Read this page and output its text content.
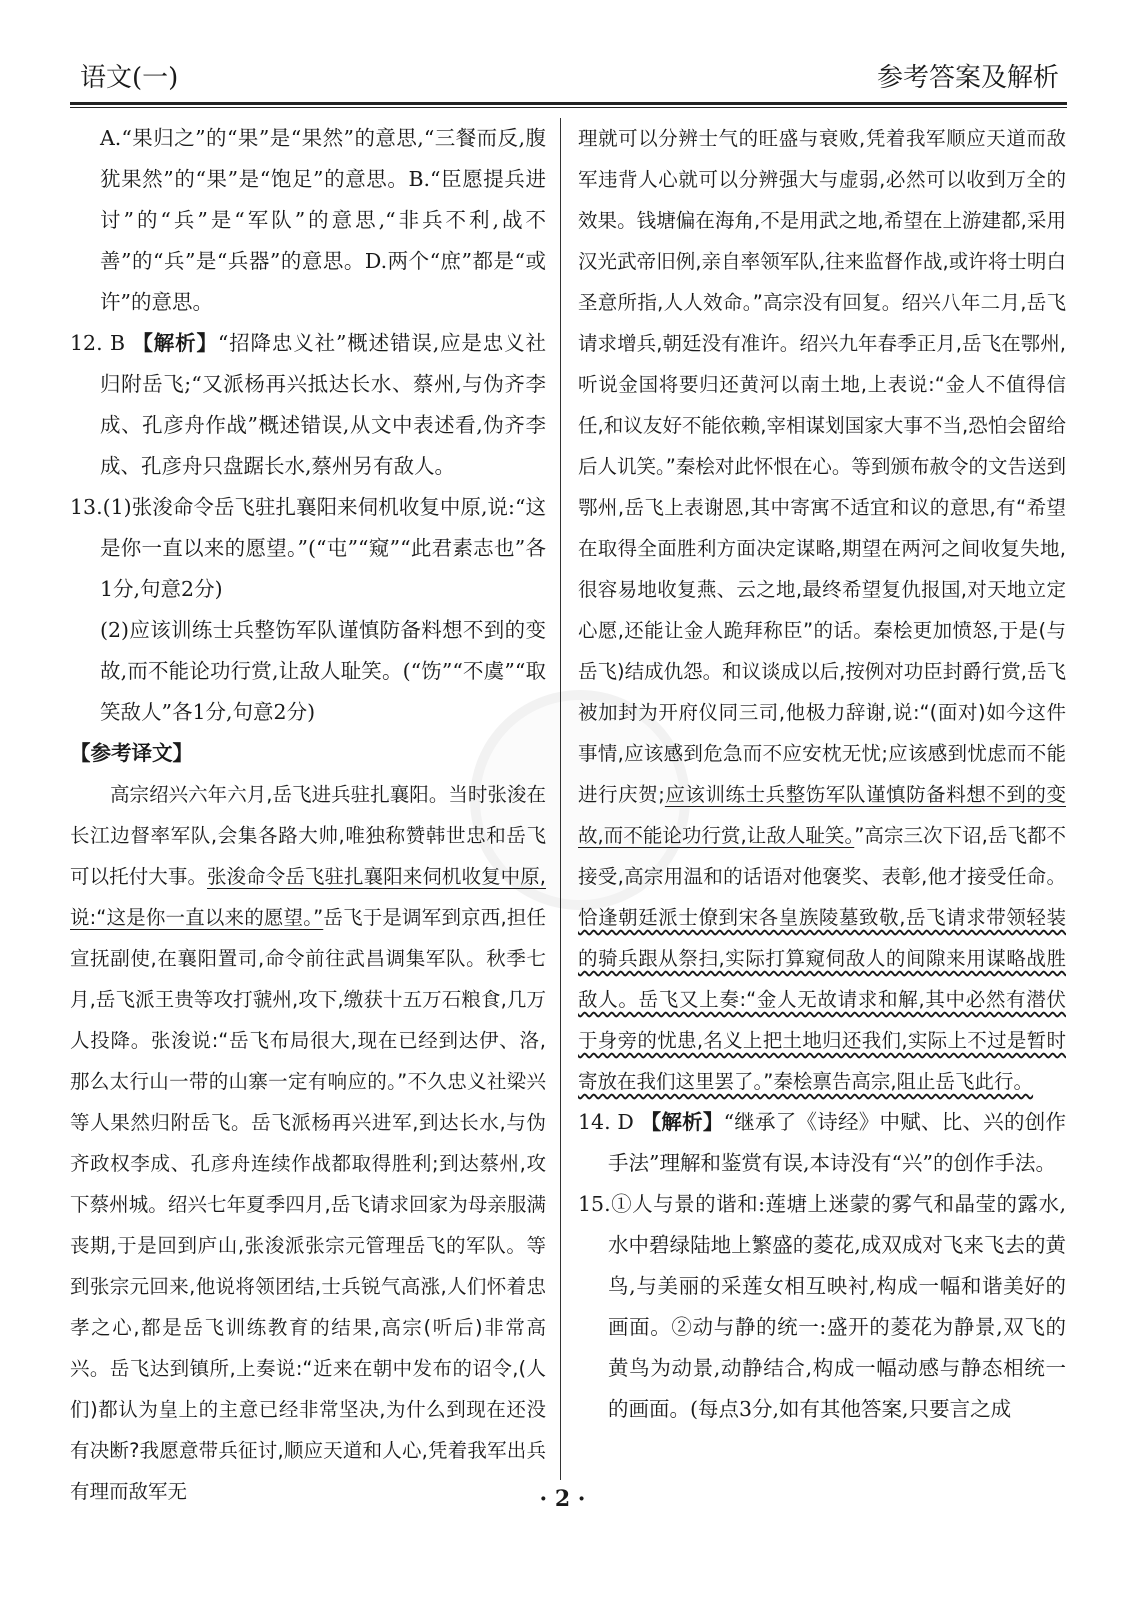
语文(一)	参考答案及解析

A.“果归之”的“果”是“果然”的意思,“三餐而反,腹犹果然”的“果”是“饱足”的意思。B.“臣愿提兵进讨”的“兵”是“军队”的意思,“非兵不利,战不善”的“兵”是“兵器”的意思。D.两个“庶”都是“或许”的意思。

12. B 【解析】“招降忠义社”概述错误,应是忠义社归附岳飞;“又派杨再兴抵达长水、蔡州,与伪齐李成、孔彦舟作战”概述错误,从文中表述看,伪齐李成、孔彦舟只盘踞长水,蔡州另有敌人。

13.(1)张浚命令岳飞驻扎襄阳来伺机收复中原,说:“这是你一直以来的愿望。”(“屯”“窥”“此君素志也”各1分,句意2分)

(2)应该训练士兵整饬军队谨慎防备料想不到的变故,而不能论功行赏,让敌人耻笑。(“饬”“不虞”“取笑敌人”各1分,句意2分)

【参考译文】

高宗绍兴六年六月,岳飞进兵驻扎襄阳。当时张浚在长江边督率军队,会集各路大帅,唯独称赞韩世忠和岳飞可以托付大事。张浚命令岳飞驻扎襄阳来伺机收复中原,说:“这是你一直以来的愿望。”岳飞于是调军到京西,担任宣抚副使,在襄阳置司,命令前往武昌调集军队。秋季七月,岳飞派王贵等攻打虢州,攻下,缴获十五万石粮食,几万人投降。张浚说:“岳飞布局很大,现在已经到达伊、洛,那么太行山一带的山寨一定有响应的。”不久忠义社梁兴等人果然归附岳飞。岳飞派杨再兴进军,到达长水,与伪齐政权李成、孔彦舟连续作战都取得胜利;到达蔡州,攻下蔡州城。绍兴七年夏季四月,岳飞请求回家为母亲服满丧期,于是回到庐山,张浚派张宗元管理岳飞的军队。等到张宗元回来,他说将领团结,士兵锐气高涨,人们怀着忠孝之心,都是岳飞训练教育的结果,高宗(听后)非常高兴。岳飞达到镇所,上奏说:“近来在朝中发布的诏令,(人们)都认为皇上的主意已经非常坚决,为什么到现在还没有决断?我愿意带兵征讨,顺应天道和人心,凭着我军出兵有理而敌军无

理就可以分辨士气的旺盛与衰败,凭着我军顺应天道而敌军违背人心就可以分辨强大与虚弱,必然可以收到万全的效果。钱塘偏在海角,不是用武之地,希望在上游建都,采用汉光武帝旧例,亲自率领军队,往来监督作战,或许将士明白圣意所指,人人效命。”高宗没有回复。绍兴八年二月,岳飞请求增兵,朝廷没有准许。绍兴九年春季正月,岳飞在鄂州,听说金国将要归还黄河以南土地,上表说:“金人不值得信任,和议友好不能依赖,宰相谋划国家大事不当,恐怕会留给后人讥笑。”秦桧对此怀恨在心。等到颁布赦令的文告送到鄂州,岳飞上表谢恩,其中寄寓不适宜和议的意思,有“希望在取得全面胜利方面决定谋略,期望在两河之间收复失地,很容易地收复燕、云之地,最终希望复仇报国,对天地立定心愿,还能让金人跪拜称臣”的话。秦桧更加愤怒,于是(与岳飞)结成仇怨。和议谈成以后,按例对功臣封爵行赏,岳飞被加封为开府仪同三司,他极力辞谢,说:“(面对)如今这件事情,应该感到危急而不应安枕无忧;应该感到忧虑而不能进行庆贺;应该训练士兵整饬军队谨慎防备料想不到的变故,而不能论功行赏,让敌人耻笑。”高宗三次下诏,岳飞都不接受,高宗用温和的话语对他褒奖、表彰,他才接受任命。恰逢朝廷派士僚到宋各皇族陵墓致敬,岳飞请求带领轻装的骑兵跟从祭扫,实际打算窥伺敌人的间隙来用谋略战胜敌人。岳飞又上奏:“金人无故请求和解,其中必然有潜伏于身旁的忧患,名义上把土地归还我们,实际上不过是暂时寄放在我们这里罢了。”秦桧禀告高宗,阻止岳飞此行。

14. D 【解析】“继承了《诗经》中赋、比、兴的创作手法”理解和鉴赏有误,本诗没有“兴”的创作手法。

15.①人与景的谐和:莲塘上迷蒙的雾气和晶莹的露水,水中碧绿陆地上繁盛的菱花,成双成对飞来飞去的黄鸟,与美丽的采莲女相互映衬,构成一幅和谐美好的画面。②动与静的统一:盛开的菱花为静景,双飞的黄鸟为动景,动静结合,构成一幅动感与静态相统一的画面。(每点3分,如有其他答案,只要言之成

· 2 ·
